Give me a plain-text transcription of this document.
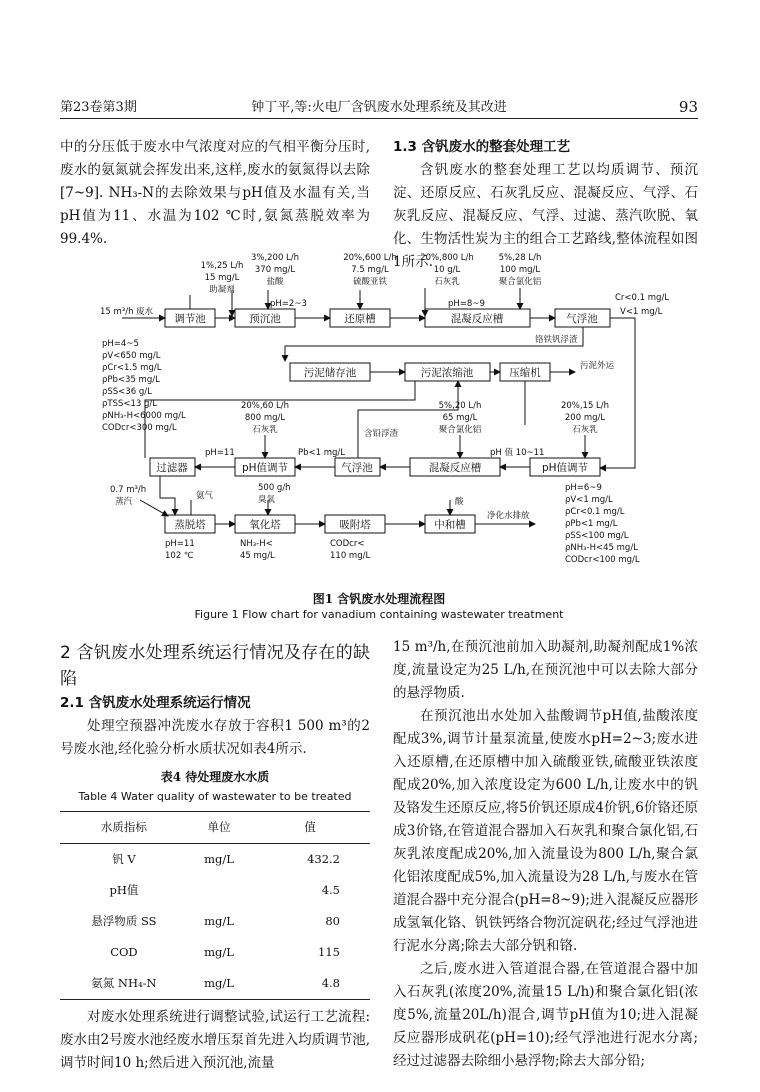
第23卷第3期	钟丁平,等:火电厂含钒废水处理系统及其改进	93

中的分压低于废水中气浓度对应的气相平衡分压时,废水的氨氮就会挥发出来,这样,废水的氨氮得以去除[7~9]. NH₃-N的去除效果与pH值及水温有关,当pH值为11、水温为102 ℃时,氨氮蒸脱效率为99.4%.

1.3 含钒废水的整套处理工艺

含钒废水的整套处理工艺以均质调节、预沉淀、还原反应、石灰乳反应、混凝反应、气浮、石灰乳反应、混凝反应、气浮、过滤、蒸汽吹脱、氧化、生物活性炭为主的组合工艺路线,整体流程如图1所示.

调节池	预沉池	还原槽	混凝反应槽	气浮池
污泥储存池	污泥浓缩池	压缩机
过滤器	pH值调节	气浮池	混凝反应槽	pH值调节
蒸脱塔	氧化塔	吸附塔	中和槽
15 m³/h 废水
pH=4~5
ρV<650 mg/L
ρCr<1.5 mg/L
ρPb<35 mg/L
ρSS<36 g/L
ρTSS<13 g/L
ρNH₃-H<6000 mg/L
CODcr<300 mg/L
1%,25 L/h
15 mg/L
助凝剂
3%,200 L/h
370 mg/L
盐酸
pH=2~3
20%,600 L/h
7.5 mg/L
硫酸亚铁
20%,800 L/h
10 g/L
石灰乳
5%,28 L/h
100 mg/L
聚合氯化铝
pH=8~9
Cr<0.1 mg/L
V<1 mg/L
铬铁钒浮渣
污泥外运
20%,60 L/h
800 mg/L
石灰乳	含铅浮渣
5%,20 L/h
65 mg/L
聚合氯化铝
20%,15 L/h
200 mg/L
石灰乳
pH=11	Pb<1 mg/L	pH 值 10~11
0.7 m³/h
蒸汽
氨气
500 g/h
臭氧	酸
净化水排放
pH=11
102 ℃
NH₃-H<
45 mg/L
CODcr<
110 mg/L
pH=6~9
ρV<1 mg/L
ρCr<0.1 mg/L
ρPb<1 mg/L
ρSS<100 mg/L
ρNH₃-H<45 mg/L
CODcr<100 mg/L
图1 含钒废水处理流程图
Figure 1 Flow chart for vanadium containing wastewater treatment

2 含钒废水处理系统运行情况及存在的缺陷

2.1 含钒废水处理系统运行情况

处理空预器冲洗废水存放于容积1 500 m³的2号废水池,经化验分析水质状况如表4所示.

表4 待处理废水水质
Table 4 Water quality of wastewater to be treated
水质指标	单位	值
钒 V	mg/L	432.2
pH值		4.5
悬浮物质 SS	mg/L	80
COD	mg/L	115
氨氮 NH₄-N	mg/L	4.8

对废水处理系统进行调整试验,试运行工艺流程:废水由2号废水池经废水增压泵首先进入均质调节池,调节时间10 h;然后进入预沉池,流量

15 m³/h,在预沉池前加入助凝剂,助凝剂配成1%浓度,流量设定为25 L/h,在预沉池中可以去除大部分的悬浮物质.

在预沉池出水处加入盐酸调节pH值,盐酸浓度配成3%,调节计量泵流量,使废水pH=2~3;废水进入还原槽,在还原槽中加入硫酸亚铁,硫酸亚铁浓度配成20%,加入浓度设定为600 L/h,让废水中的钒及铬发生还原反应,将5价钒还原成4价钒,6价铬还原成3价铬,在管道混合器加入石灰乳和聚合氯化铝,石灰乳浓度配成20%,加入流量设为800 L/h,聚合氯化铝浓度配成5%,加入流量设为28 L/h,与废水在管道混合器中充分混合(pH=8~9);进入混凝反应器形成氢氧化铬、钒铁钙络合物沉淀矾花;经过气浮池进行泥水分离;除去大部分钒和铬.

之后,废水进入管道混合器,在管道混合器中加入石灰乳(浓度20%,流量15 L/h)和聚合氯化铝(浓度5%,流量20L/h)混合,调节pH值为10;进入混凝反应器形成矾花(pH=10);经气浮池进行泥水分离;经过过滤器去除细小悬浮物;除去大部分铅;
